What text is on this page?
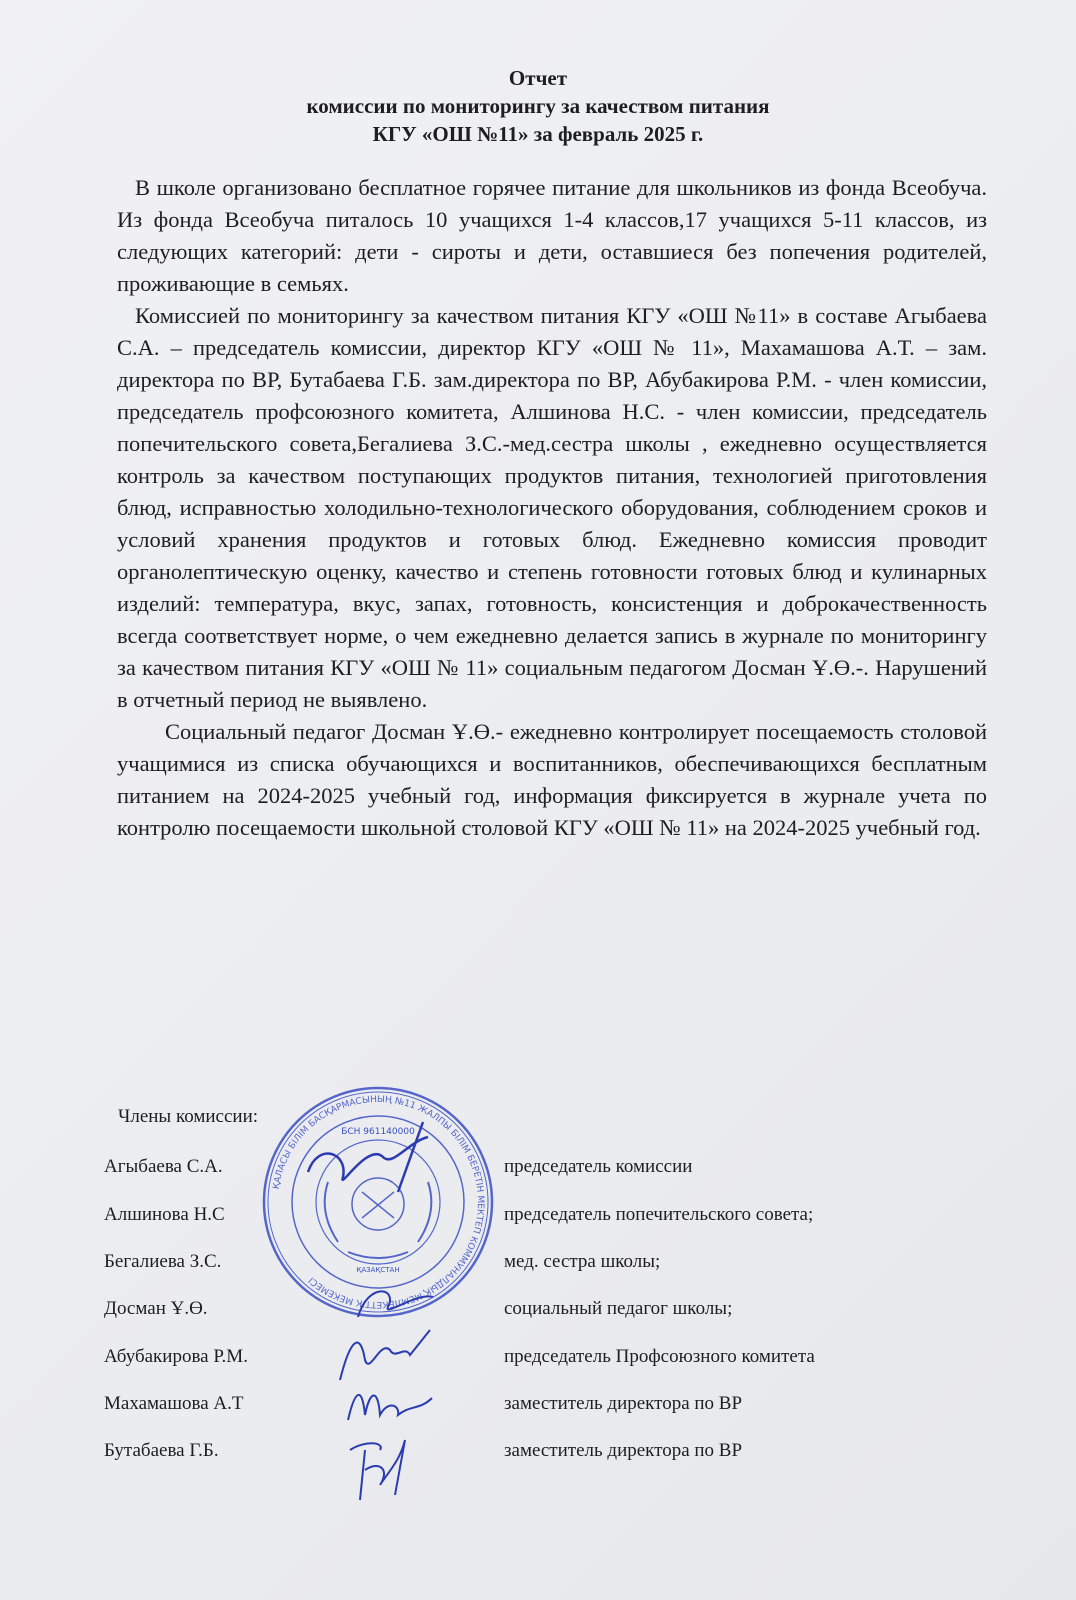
Отчет
комиссии по мониторингу за качеством питания
КГУ «ОШ №11» за февраль 2025 г.

В школе организовано бесплатное горячее питание для школьников из фонда Всеобуча. Из фонда Всеобуча питалось 10 учащихся 1-4 классов,17 учащихся 5-11 классов, из следующих категорий: дети - сироты и дети, оставшиеся без попечения родителей, проживающие в семьях.

Комиссией по мониторингу за качеством питания КГУ «ОШ №11» в составе Агыбаева С.А. – председатель комиссии, директор КГУ «ОШ № 11», Махамашова А.Т. – зам. директора по ВР, Бутабаева Г.Б. зам.директора по ВР, Абубакирова Р.М. - член комиссии, председатель профсоюзного комитета, Алшинова Н.С. - член комиссии, председатель попечительского совета,Бегалиева З.С.-мед.сестра школы , ежедневно осуществляется контроль за качеством поступающих продуктов питания, технологией приготовления блюд, исправностью холодильно-технологического оборудования, соблюдением сроков и условий хранения продуктов и готовых блюд. Ежедневно комиссия проводит органолептическую оценку, качество и степень готовности готовых блюд и кулинарных изделий: температура, вкус, запах, готовность, консистенция и доброкачественность всегда соответствует норме, о чем ежедневно делается запись в журнале по мониторингу за качеством питания КГУ «ОШ № 11» социальным педагогом Досман Ұ.Ө.-. Нарушений в отчетный период не выявлено.

Социальный педагог Досман Ұ.Ө.- ежедневно контролирует посещаемость столовой учащимися из списка обучающихся и воспитанников, обеспечивающихся бесплатным питанием на 2024-2025 учебный год, информация фиксируется в журнале учета по контролю посещаемости школьной столовой КГУ «ОШ № 11» на 2024-2025 учебный год.

Члены комиссии:
Агыбаева С.А.	председатель комиссии
Алшинова Н.С	председатель попечительского совета;
Бегалиева З.С.	мед. сестра школы;
Досман Ұ.Ө.	социальный педагог школы;
Абубакирова Р.М.	председатель Профсоюзного комитета
Махамашова А.Т	заместитель директора по ВР
Бутабаева Г.Б.	заместитель директора по ВР
ҚАЛАСЫ БІЛІМ БАСҚАРМАСЫНЫҢ №11 ЖАЛПЫ БІЛІМ БЕРЕТІН МЕКТЕП КОММУНАЛДЫҚ МЕМЛЕКЕТТІК МЕКЕМЕСІ
БСН 961140000
ҚАЗАҚСТАН
